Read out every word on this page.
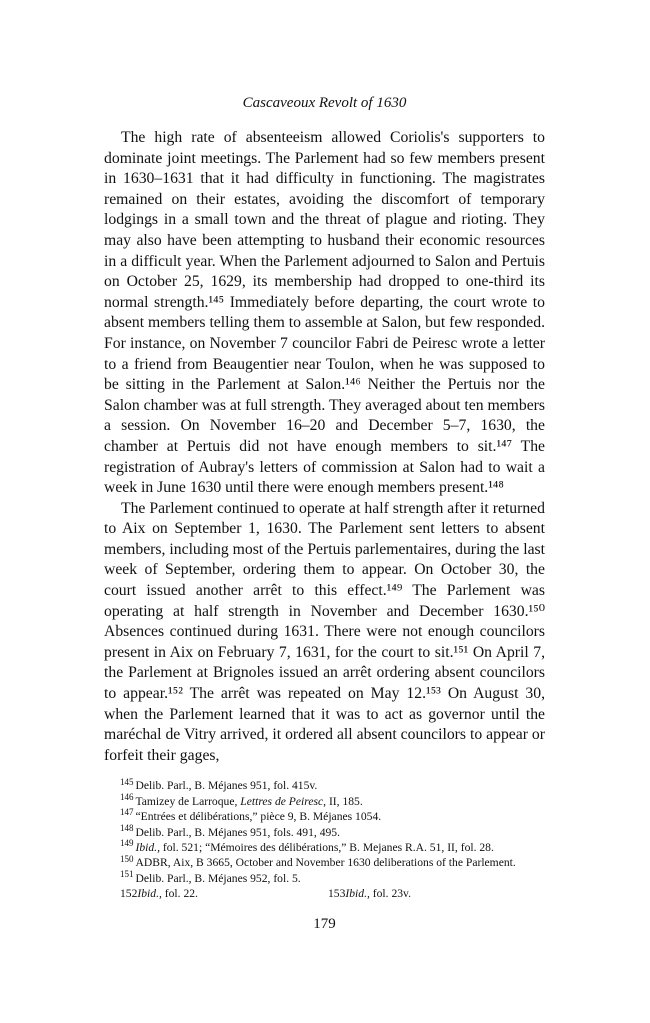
Cascaveoux Revolt of 1630

The high rate of absenteeism allowed Coriolis's supporters to dominate joint meetings. The Parlement had so few members present in 1630–1631 that it had difficulty in functioning. The magistrates remained on their estates, avoiding the discomfort of temporary lodgings in a small town and the threat of plague and rioting. They may also have been attempting to husband their economic resources in a difficult year. When the Parlement adjourned to Salon and Pertuis on October 25, 1629, its membership had dropped to one-third its normal strength.¹⁴⁵ Immediately before departing, the court wrote to absent members telling them to assemble at Salon, but few responded. For instance, on November 7 councilor Fabri de Peiresc wrote a letter to a friend from Beaugentier near Toulon, when he was supposed to be sitting in the Parlement at Salon.¹⁴⁶ Neither the Pertuis nor the Salon chamber was at full strength. They averaged about ten members a session. On November 16–20 and December 5–7, 1630, the chamber at Pertuis did not have enough members to sit.¹⁴⁷ The registration of Aubray's letters of commission at Salon had to wait a week in June 1630 until there were enough members present.¹⁴⁸

The Parlement continued to operate at half strength after it returned to Aix on September 1, 1630. The Parlement sent letters to absent members, including most of the Pertuis parlementaires, during the last week of September, ordering them to appear. On October 30, the court issued another arrêt to this effect.¹⁴⁹ The Parlement was operating at half strength in November and December 1630.¹⁵⁰ Absences continued during 1631. There were not enough councilors present in Aix on February 7, 1631, for the court to sit.¹⁵¹ On April 7, the Parlement at Brignoles issued an arrêt ordering absent councilors to appear.¹⁵² The arrêt was repeated on May 12.¹⁵³ On August 30, when the Parlement learned that it was to act as governor until the maréchal de Vitry arrived, it ordered all absent councilors to appear or forfeit their gages,

$^{145}$ Delib. Parl., B. Méjanes 951, fol. 415v.

$^{146}$ Tamizey de Larroque, Lettres de Peiresc, II, 185.

$^{147}$ “Entrées et délibérations,” pièce 9, B. Méjanes 1054.

$^{148}$ Delib. Parl., B. Méjanes 951, fols. 491, 495.

$^{149}$ Ibid., fol. 521; “Mémoires des délibérations,” B. Mejanes R.A. 51, II, fol. 28.

$^{150}$ ADBR, Aix, B 3665, October and November 1630 deliberations of the Parlement.

$^{151}$ Delib. Parl., B. Méjanes 952, fol. 5.

152Ibid., fol. 22.	153Ibid., fol. 23v.
179
